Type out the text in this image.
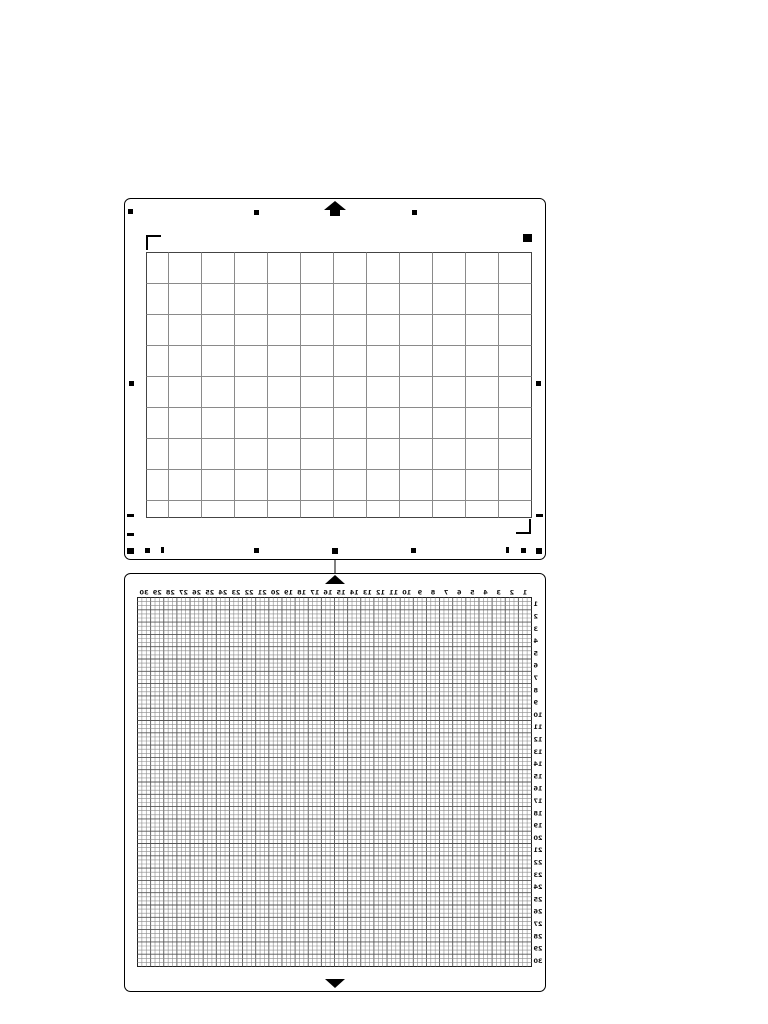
30 29 28 27 26 25 24 23 22 21 20 19 18 17 16 15 14 13 12 11 10 9 8 7 6 5 4 3 2 1
1
2
3
4
5
6
7
8
9
10
11
12
13
14
15
16
17
18
19
20
21
22
23
24
25
26
27
28
29
30
